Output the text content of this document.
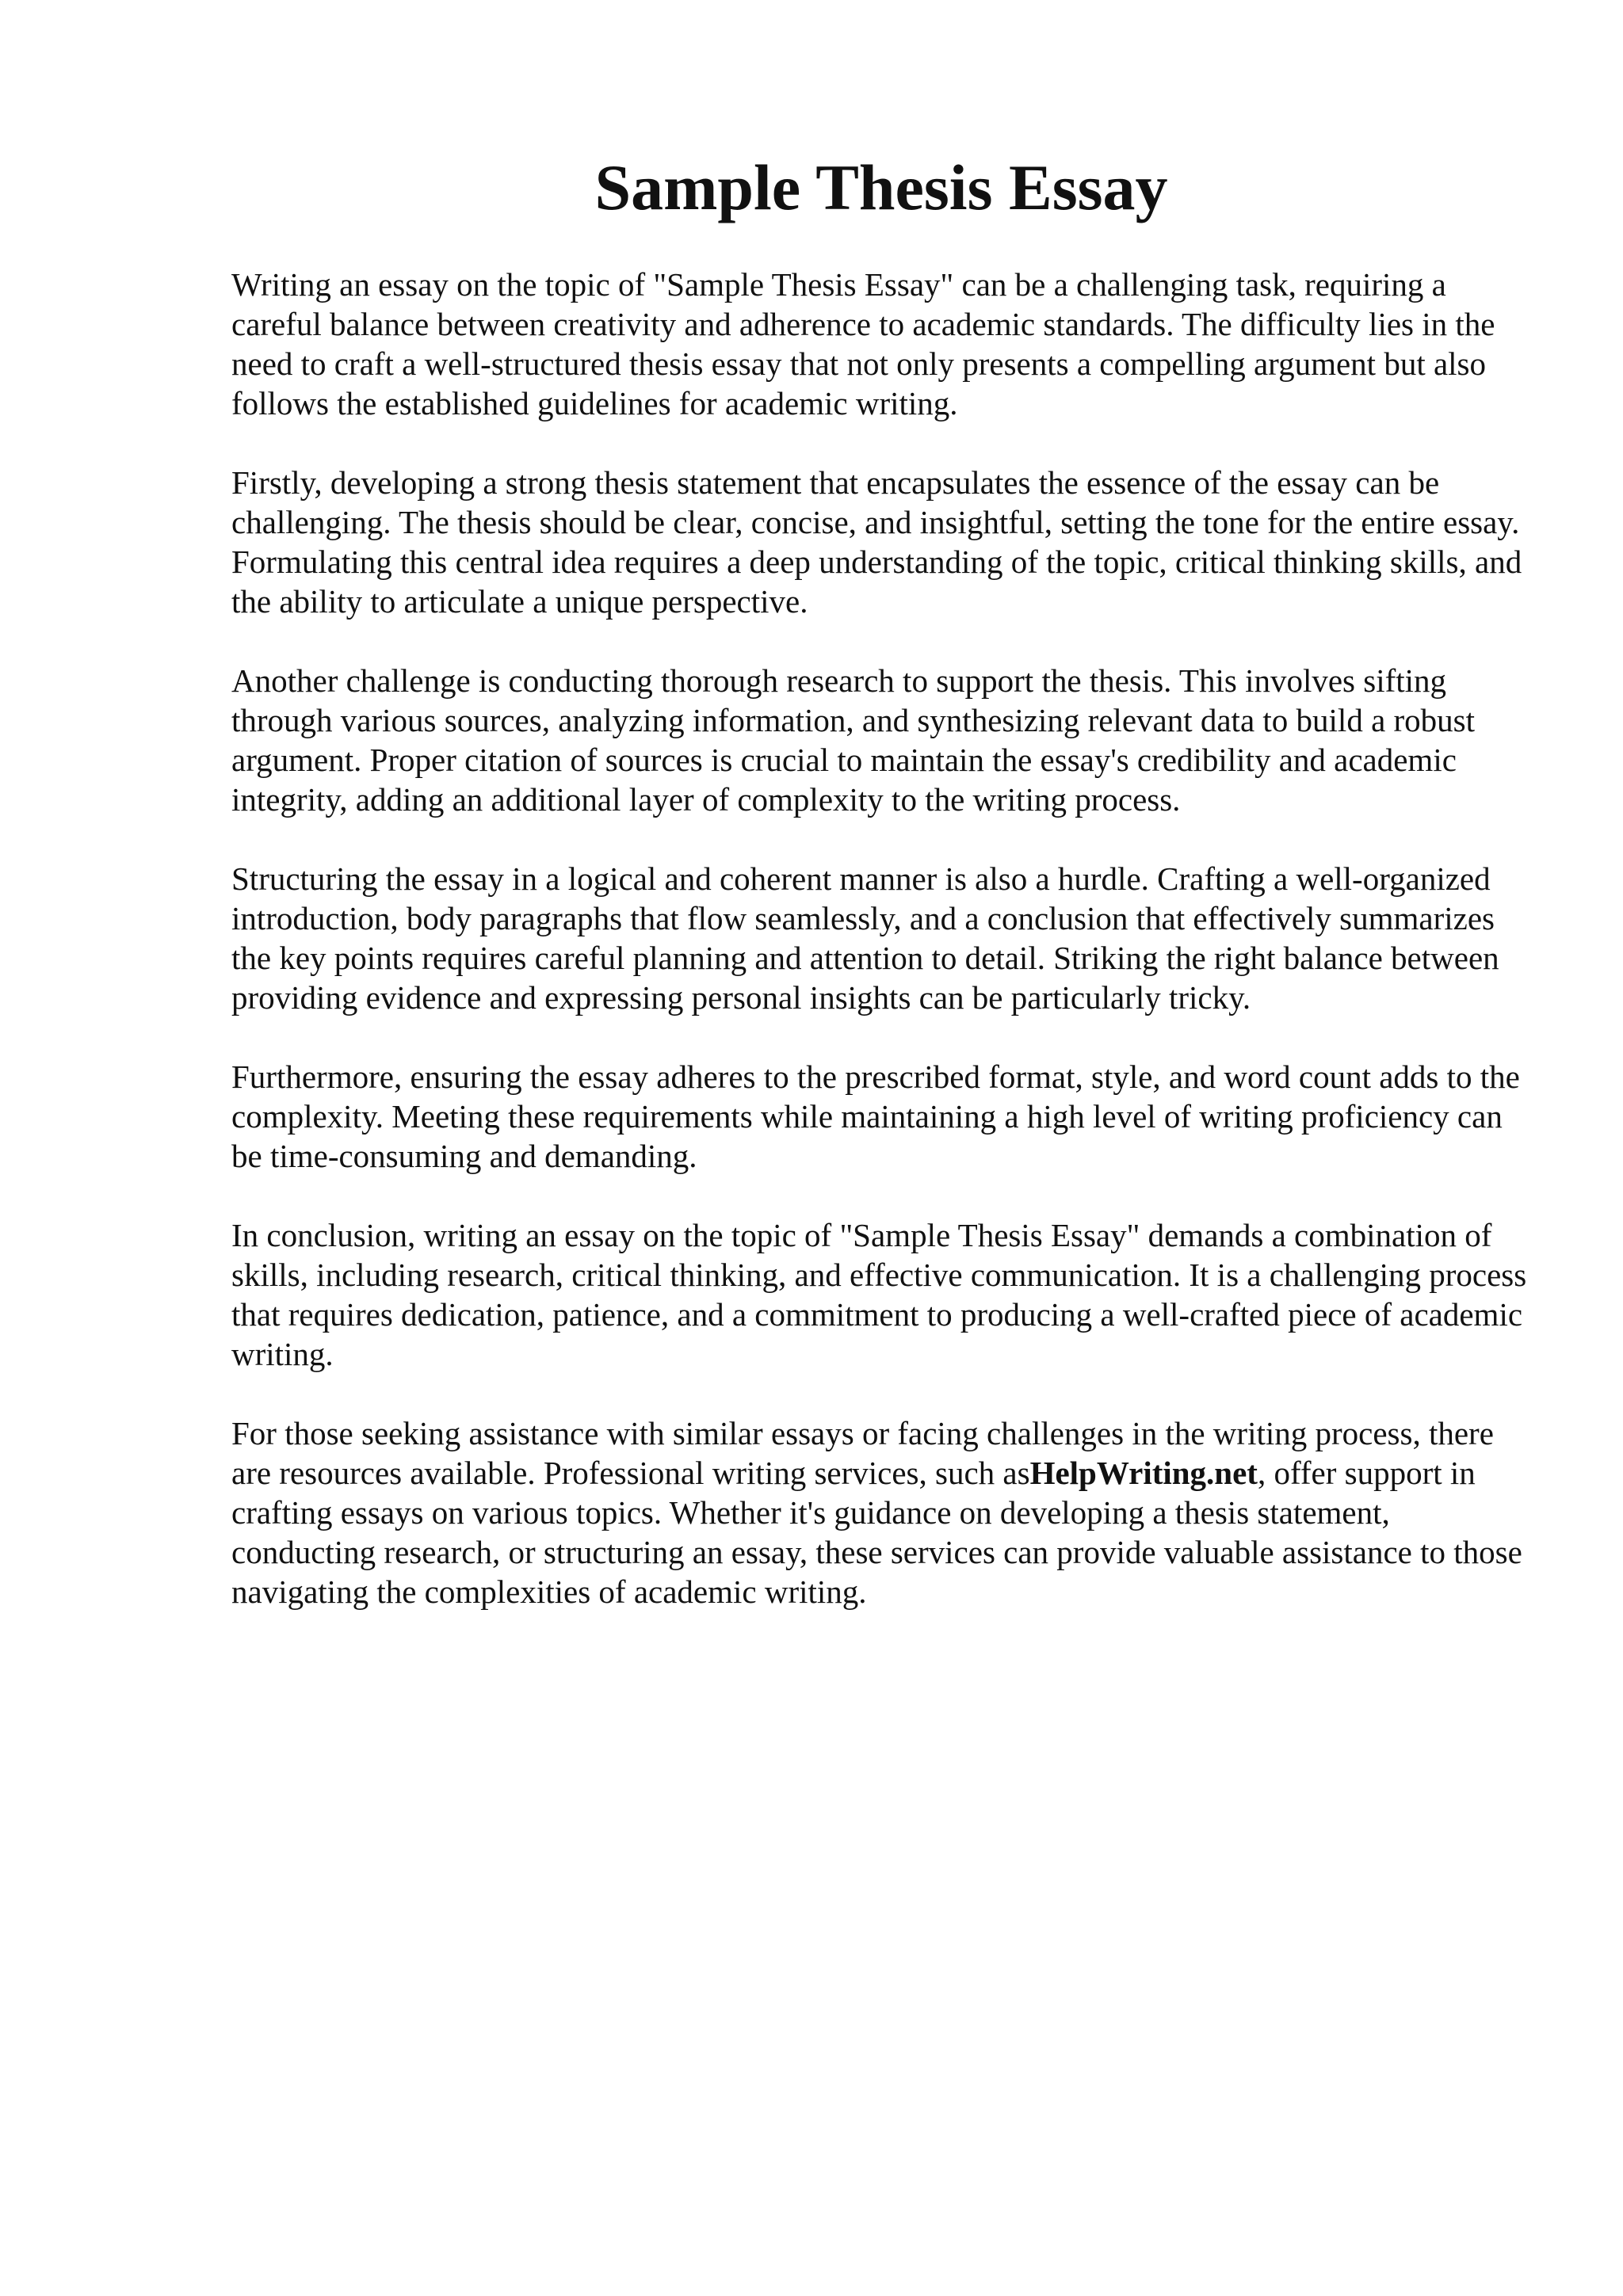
Sample Thesis Essay

Writing an essay on the topic of "Sample Thesis Essay" can be a challenging task, requiring a careful balance between creativity and adherence to academic standards. The difficulty lies in the need to craft a well-structured thesis essay that not only presents a compelling argument but also follows the established guidelines for academic writing.

Firstly, developing a strong thesis statement that encapsulates the essence of the essay can be challenging. The thesis should be clear, concise, and insightful, setting the tone for the entire essay. Formulating this central idea requires a deep understanding of the topic, critical thinking skills, and the ability to articulate a unique perspective.

Another challenge is conducting thorough research to support the thesis. This involves sifting through various sources, analyzing information, and synthesizing relevant data to build a robust argument. Proper citation of sources is crucial to maintain the essay's credibility and academic integrity, adding an additional layer of complexity to the writing process.

Structuring the essay in a logical and coherent manner is also a hurdle. Crafting a well-organized introduction, body paragraphs that flow seamlessly, and a conclusion that effectively summarizes the key points requires careful planning and attention to detail. Striking the right balance between providing evidence and expressing personal insights can be particularly tricky.

Furthermore, ensuring the essay adheres to the prescribed format, style, and word count adds to the complexity. Meeting these requirements while maintaining a high level of writing proficiency can be time-consuming and demanding.

In conclusion, writing an essay on the topic of "Sample Thesis Essay" demands a combination of skills, including research, critical thinking, and effective communication. It is a challenging process that requires dedication, patience, and a commitment to producing a well-crafted piece of academic writing.

For those seeking assistance with similar essays or facing challenges in the writing process, there are resources available. Professional writing services, such asHelpWriting.net, offer support in crafting essays on various topics. Whether it's guidance on developing a thesis statement, conducting research, or structuring an essay, these services can provide valuable assistance to those navigating the complexities of academic writing.
